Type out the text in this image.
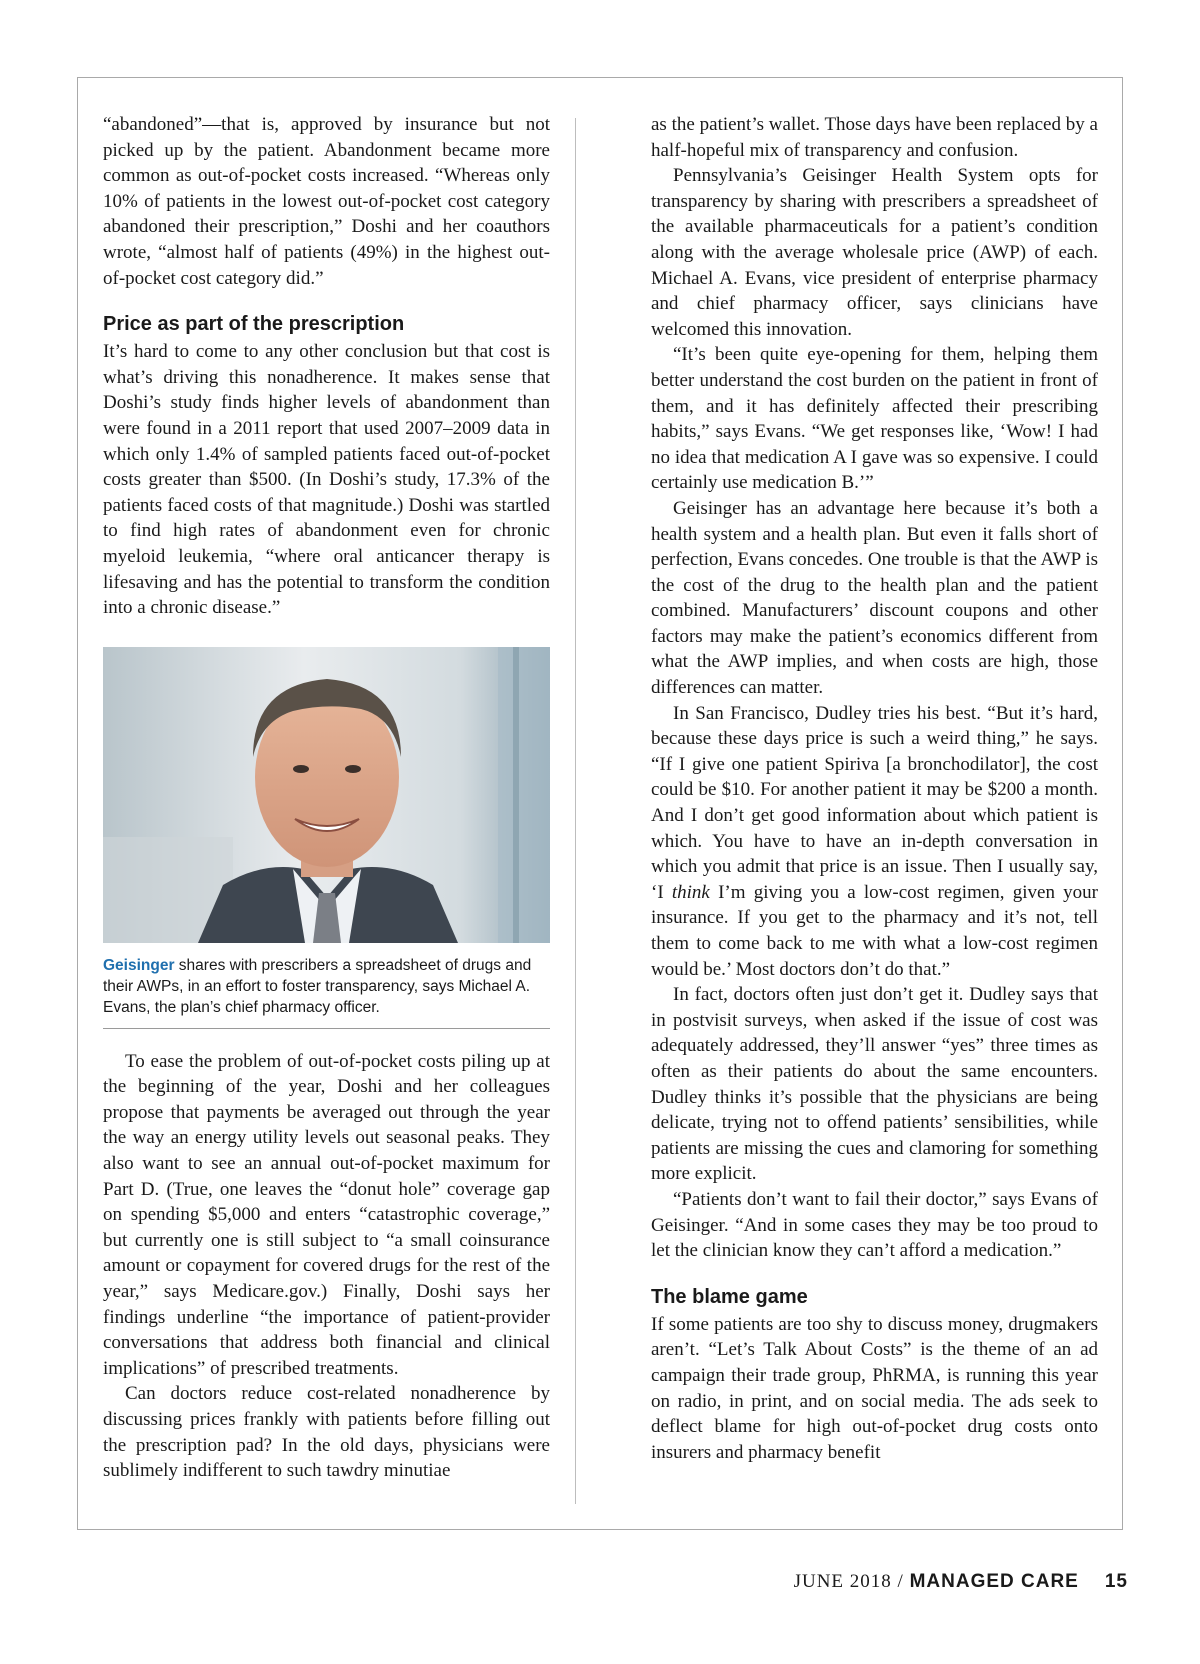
“abandoned”—that is, approved by insurance but not picked up by the patient. Abandonment became more common as out-of-pocket costs increased. “Whereas only 10% of patients in the lowest out-of-pocket cost category abandoned their prescription,” Doshi and her coauthors wrote, “almost half of patients (49%) in the highest out-of-pocket cost category did.”

Price as part of the prescription

It’s hard to come to any other conclusion but that cost is what’s driving this nonadherence. It makes sense that Doshi’s study finds higher levels of abandonment than were found in a 2011 report that used 2007–2009 data in which only 1.4% of sampled patients faced out-of-pocket costs greater than $500. (In Doshi’s study, 17.3% of the patients faced costs of that magnitude.) Doshi was startled to find high rates of abandonment even for chronic myeloid leukemia, “where oral anticancer therapy is lifesaving and has the potential to transform the condition into a chronic disease.”

Geisinger shares with prescribers a spreadsheet of drugs and their AWPs, in an effort to foster transparency, says Michael A. Evans, the plan’s chief pharmacy officer.

To ease the problem of out-of-pocket costs piling up at the beginning of the year, Doshi and her colleagues propose that payments be averaged out through the year the way an energy utility levels out seasonal peaks. They also want to see an annual out-of-pocket maximum for Part D. (True, one leaves the “donut hole” coverage gap on spending $5,000 and enters “catastrophic coverage,” but currently one is still subject to “a small coinsurance amount or copayment for covered drugs for the rest of the year,” says Medicare.gov.) Finally, Doshi says her findings underline “the importance of patient-provider conversations that address both financial and clinical implications” of prescribed treatments.

Can doctors reduce cost-related nonadherence by discussing prices frankly with patients before filling out the prescription pad? In the old days, physicians were sublimely indifferent to such tawdry minutiae

as the patient’s wallet. Those days have been replaced by a half-hopeful mix of transparency and confusion.

Pennsylvania’s Geisinger Health System opts for transparency by sharing with prescribers a spreadsheet of the available pharmaceuticals for a patient’s condition along with the average wholesale price (AWP) of each. Michael A. Evans, vice president of enterprise pharmacy and chief pharmacy officer, says clinicians have welcomed this innovation.

“It’s been quite eye-opening for them, helping them better understand the cost burden on the patient in front of them, and it has definitely affected their prescribing habits,” says Evans. “We get responses like, ‘Wow! I had no idea that medication A I gave was so expensive. I could certainly use medication B.’”

Geisinger has an advantage here because it’s both a health system and a health plan. But even it falls short of perfection, Evans concedes. One trouble is that the AWP is the cost of the drug to the health plan and the patient combined. Manufacturers’ discount coupons and other factors may make the patient’s economics different from what the AWP implies, and when costs are high, those differences can matter.

In San Francisco, Dudley tries his best. “But it’s hard, because these days price is such a weird thing,” he says. “If I give one patient Spiriva [a bronchodilator], the cost could be $10. For another patient it may be $200 a month. And I don’t get good information about which patient is which. You have to have an in-depth conversation in which you admit that price is an issue. Then I usually say, ‘I think I’m giving you a low-cost regimen, given your insurance. If you get to the pharmacy and it’s not, tell them to come back to me with what a low-cost regimen would be.’ Most doctors don’t do that.”

In fact, doctors often just don’t get it. Dudley says that in postvisit surveys, when asked if the issue of cost was adequately addressed, they’ll answer “yes” three times as often as their patients do about the same encounters. Dudley thinks it’s possible that the physicians are being delicate, trying not to offend patients’ sensibilities, while patients are missing the cues and clamoring for something more explicit.

“Patients don’t want to fail their doctor,” says Evans of Geisinger. “And in some cases they may be too proud to let the clinician know they can’t afford a medication.”

The blame game

If some patients are too shy to discuss money, drugmakers aren’t. “Let’s Talk About Costs” is the theme of an ad campaign their trade group, PhRMA, is running this year on radio, in print, and on social media. The ads seek to deflect blame for high out-of-pocket drug costs onto insurers and pharmacy benefit

JUNE 2018 / MANAGED CARE 15
